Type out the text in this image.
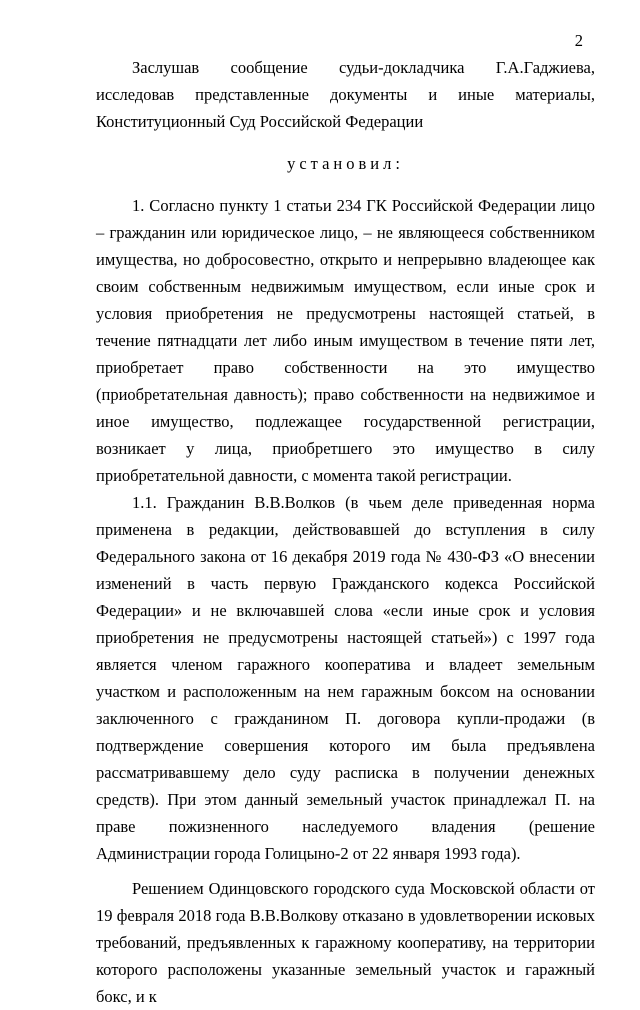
2

Заслушав сообщение судьи-докладчика Г.А.Гаджиева, исследовав представленные документы и иные материалы, Конституционный Суд Российской Федерации

установил:

1. Согласно пункту 1 статьи 234 ГК Российской Федерации лицо – гражданин или юридическое лицо, – не являющееся собственником имущества, но добросовестно, открыто и непрерывно владеющее как своим собственным недвижимым имуществом, если иные срок и условия приобретения не предусмотрены настоящей статьей, в течение пятнадцати лет либо иным имуществом в течение пяти лет, приобретает право собственности на это имущество (приобретательная давность); право собственности на недвижимое и иное имущество, подлежащее государственной регистрации, возникает у лица, приобретшего это имущество в силу приобретательной давности, с момента такой регистрации.

1.1. Гражданин В.В.Волков (в чьем деле приведенная норма применена в редакции, действовавшей до вступления в силу Федерального закона от 16 декабря 2019 года № 430-ФЗ «О внесении изменений в часть первую Гражданского кодекса Российской Федерации» и не включавшей слова «если иные срок и условия приобретения не предусмотрены настоящей статьей») с 1997 года является членом гаражного кооператива и владеет земельным участком и расположенным на нем гаражным боксом на основании заключенного с гражданином П. договора купли-продажи (в подтверждение совершения которого им была предъявлена рассматривавшему дело суду расписка в получении денежных средств). При этом данный земельный участок принадлежал П. на праве пожизненного наследуемого владения (решение Администрации города Голицыно-2 от 22 января 1993 года).

Решением Одинцовского городского суда Московской области от 19 февраля 2018 года В.В.Волкову отказано в удовлетворении исковых требований, предъявленных к гаражному кооперативу, на территории которого расположены указанные земельный участок и гаражный бокс, и к
